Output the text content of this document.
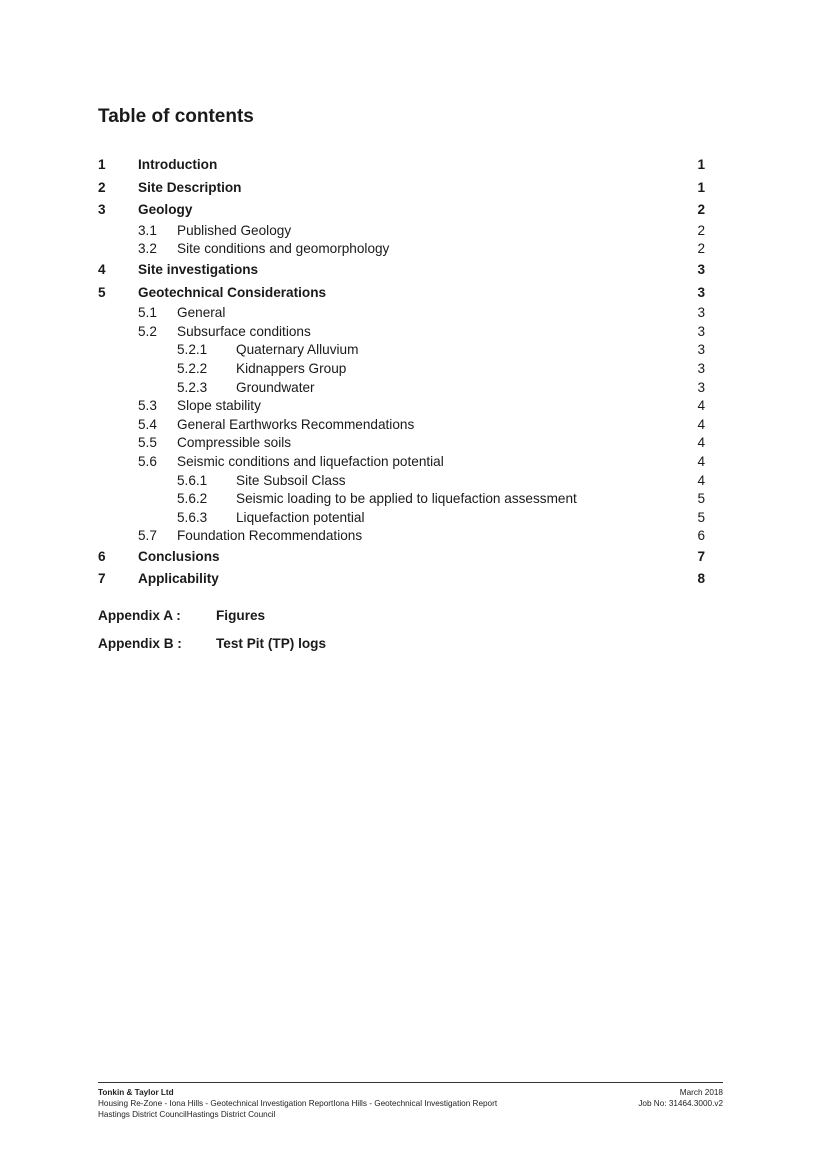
Table of contents
1 Introduction	1
2 Site Description	1
3 Geology	2
3.1 Published Geology	2
3.2 Site conditions and geomorphology	2
4 Site investigations	3
5 Geotechnical Considerations	3
5.1 General	3
5.2 Subsurface conditions	3
5.2.1 Quaternary Alluvium	3
5.2.2 Kidnappers Group	3
5.2.3 Groundwater	3
5.3 Slope stability	4
5.4 General Earthworks Recommendations	4
5.5 Compressible soils	4
5.6 Seismic conditions and liquefaction potential	4
5.6.1 Site Subsoil Class	4
5.6.2 Seismic loading to be applied to liquefaction assessment	5
5.6.3 Liquefaction potential	5
5.7 Foundation Recommendations	6
6 Conclusions	7
7 Applicability	8
Appendix A :	Figures
Appendix B :	Test Pit (TP) logs
Tonkin & Taylor Ltd
Housing Re-Zone - Iona Hills - Geotechnical Investigation ReportIona Hills - Geotechnical Investigation Report
Hastings District CouncilHastings District Council
March 2018
Job No: 31464.3000.v2
